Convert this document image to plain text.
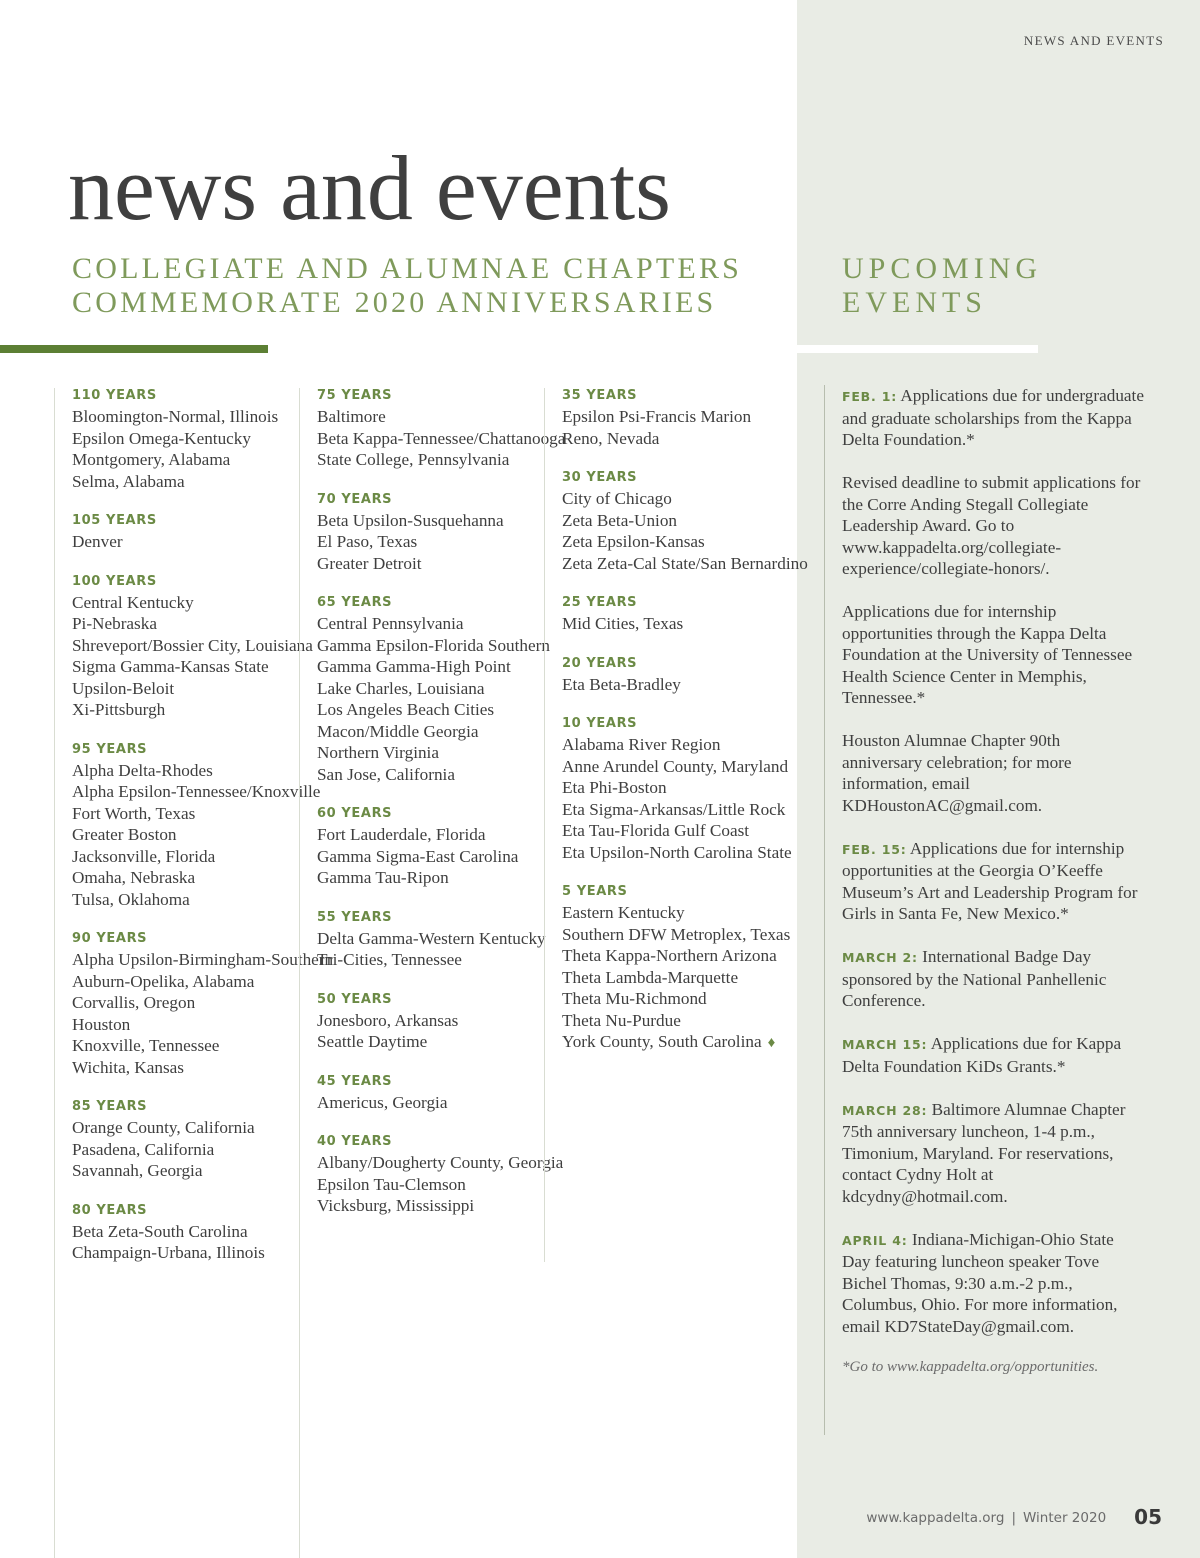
NEWS AND EVENTS
news and events
COLLEGIATE AND ALUMNAE CHAPTERS
COMMEMORATE 2020 ANNIVERSARIES
UPCOMING
EVENTS
110 YEARS
Bloomington-Normal, Illinois
Epsilon Omega-Kentucky
Montgomery, Alabama
Selma, Alabama
105 YEARS
Denver
100 YEARS
Central Kentucky
Pi-Nebraska
Shreveport/Bossier City, Louisiana
Sigma Gamma-Kansas State
Upsilon-Beloit
Xi-Pittsburgh
95 YEARS
Alpha Delta-Rhodes
Alpha Epsilon-Tennessee/Knoxville
Fort Worth, Texas
Greater Boston
Jacksonville, Florida
Omaha, Nebraska
Tulsa, Oklahoma
90 YEARS
Alpha Upsilon-Birmingham-Southern
Auburn-Opelika, Alabama
Corvallis, Oregon
Houston
Knoxville, Tennessee
Wichita, Kansas
85 YEARS
Orange County, California
Pasadena, California
Savannah, Georgia
80 YEARS
Beta Zeta-South Carolina
Champaign-Urbana, Illinois
75 YEARS
Baltimore
Beta Kappa-Tennessee/Chattanooga
State College, Pennsylvania
70 YEARS
Beta Upsilon-Susquehanna
El Paso, Texas
Greater Detroit
65 YEARS
Central Pennsylvania
Gamma Epsilon-Florida Southern
Gamma Gamma-High Point
Lake Charles, Louisiana
Los Angeles Beach Cities
Macon/Middle Georgia
Northern Virginia
San Jose, California
60 YEARS
Fort Lauderdale, Florida
Gamma Sigma-East Carolina
Gamma Tau-Ripon
55 YEARS
Delta Gamma-Western Kentucky
Tri-Cities, Tennessee
50 YEARS
Jonesboro, Arkansas
Seattle Daytime
45 YEARS
Americus, Georgia
40 YEARS
Albany/Dougherty County, Georgia
Epsilon Tau-Clemson
Vicksburg, Mississippi
35 YEARS
Epsilon Psi-Francis Marion
Reno, Nevada
30 YEARS
City of Chicago
Zeta Beta-Union
Zeta Epsilon-Kansas
Zeta Zeta-Cal State/San Bernardino
25 YEARS
Mid Cities, Texas
20 YEARS
Eta Beta-Bradley
10 YEARS
Alabama River Region
Anne Arundel County, Maryland
Eta Phi-Boston
Eta Sigma-Arkansas/Little Rock
Eta Tau-Florida Gulf Coast
Eta Upsilon-North Carolina State
5 YEARS
Eastern Kentucky
Southern DFW Metroplex, Texas
Theta Kappa-Northern Arizona
Theta Lambda-Marquette
Theta Mu-Richmond
Theta Nu-Purdue
York County, South Carolina ♦
FEB. 1: Applications due for undergraduate and graduate scholarships from the Kappa Delta Foundation.*
Revised deadline to submit applications for the Corre Anding Stegall Collegiate Leadership Award. Go to www.kappadelta.org/collegiate-experience/collegiate-honors/.
Applications due for internship opportunities through the Kappa Delta Foundation at the University of Tennessee Health Science Center in Memphis, Tennessee.*
Houston Alumnae Chapter 90th anniversary celebration; for more information, email KDHoustonAC@gmail.com.
FEB. 15: Applications due for internship opportunities at the Georgia O’Keeffe Museum’s Art and Leadership Program for Girls in Santa Fe, New Mexico.*
MARCH 2: International Badge Day sponsored by the National Panhellenic Conference.
MARCH 15: Applications due for Kappa Delta Foundation KiDs Grants.*
MARCH 28: Baltimore Alumnae Chapter 75th anniversary luncheon, 1-4 p.m., Timonium, Maryland. For reservations, contact Cydny Holt at kdcydny@hotmail.com.
APRIL 4: Indiana-Michigan-Ohio State Day featuring luncheon speaker Tove Bichel Thomas, 9:30 a.m.-2 p.m., Columbus, Ohio. For more information, email KD7StateDay@gmail.com.
*Go to www.kappadelta.org/opportunities.
www.kappadelta.org | Winter 2020 05
